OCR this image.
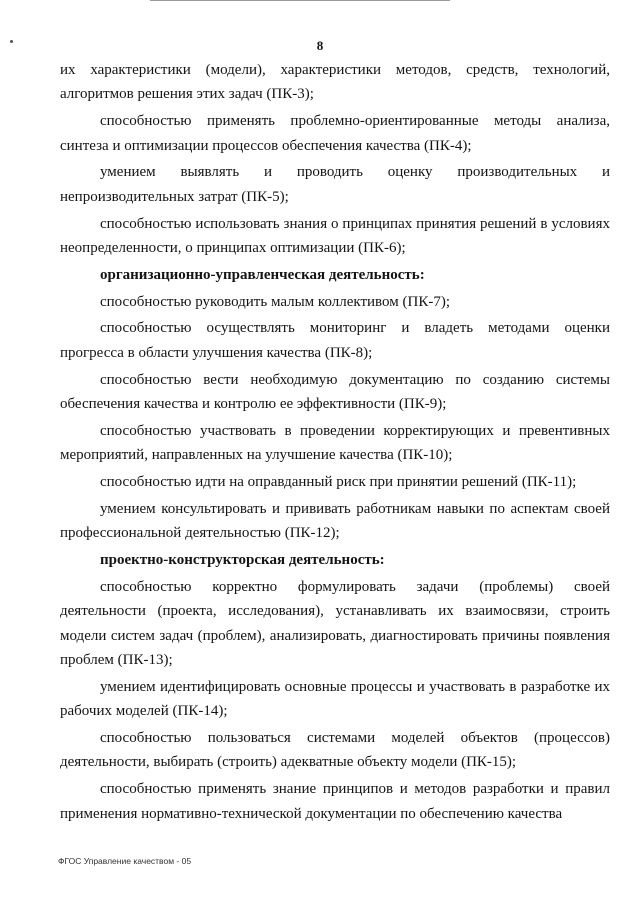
8

их характеристики (модели), характеристики методов, средств, технологий, алгоритмов решения этих задач (ПК-3);

способностью применять проблемно-ориентированные методы анализа, синтеза и оптимизации процессов обеспечения качества (ПК-4);

умением выявлять и проводить оценку производительных и непроизводительных затрат (ПК-5);

способностью использовать знания о принципах принятия решений в условиях неопределенности, о принципах оптимизации (ПК-6);

организационно-управленческая деятельность:

способностью руководить малым коллективом (ПК-7);

способностью осуществлять мониторинг и владеть методами оценки прогресса в области улучшения качества (ПК-8);

способностью вести необходимую документацию по созданию системы обеспечения качества и контролю ее эффективности (ПК-9);

способностью участвовать в проведении корректирующих и превентивных мероприятий, направленных на улучшение качества (ПК-10);

способностью идти на оправданный риск при принятии решений (ПК-11);

умением консультировать и прививать работникам навыки по аспектам своей профессиональной деятельностью (ПК-12);

проектно-конструкторская деятельность:

способностью корректно формулировать задачи (проблемы) своей деятельности (проекта, исследования), устанавливать их взаимосвязи, строить модели систем задач (проблем), анализировать, диагностировать причины появления проблем (ПК-13);

умением идентифицировать основные процессы и участвовать в разработке их рабочих моделей (ПК-14);

способностью пользоваться системами моделей объектов (процессов) деятельности, выбирать (строить) адекватные объекту модели (ПК-15);

способностью применять знание принципов и методов разработки и правил применения нормативно-технической документации по обеспечению качества

ФГОС Управление качеством - 05
